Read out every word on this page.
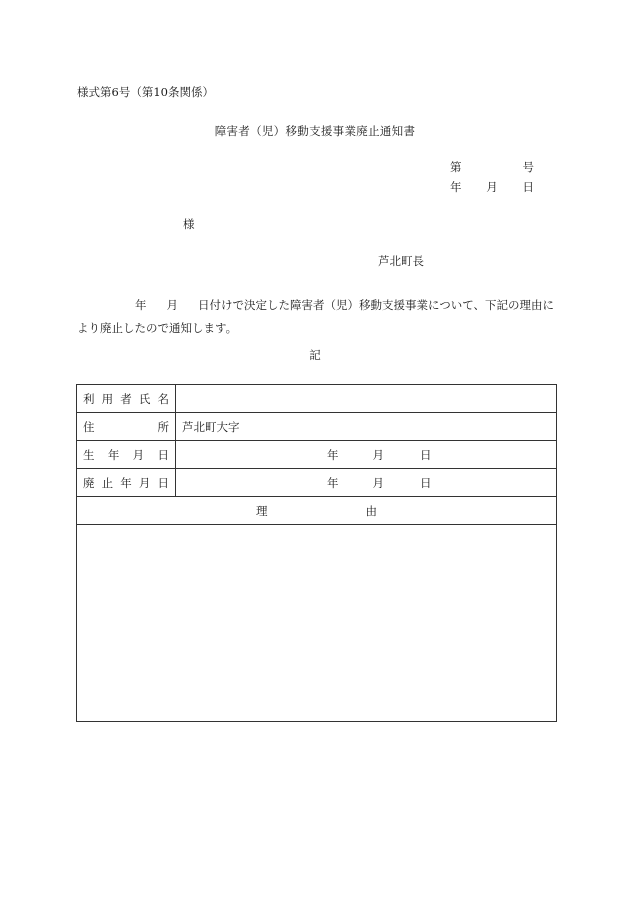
様式第6号（第10条関係）
障害者（児）移動支援事業廃止通知書
第	号
年 月 日
様
芦北町長
年 月 日付けで決定した障害者（児）移動支援事業について、下記の理由により廃止したので通知します。
記
利 用 者 氏 名	

住 所	芦北町大字

生 年 月 日	年 月 日

廃 止 年 月 日	年 月 日

理 由	
